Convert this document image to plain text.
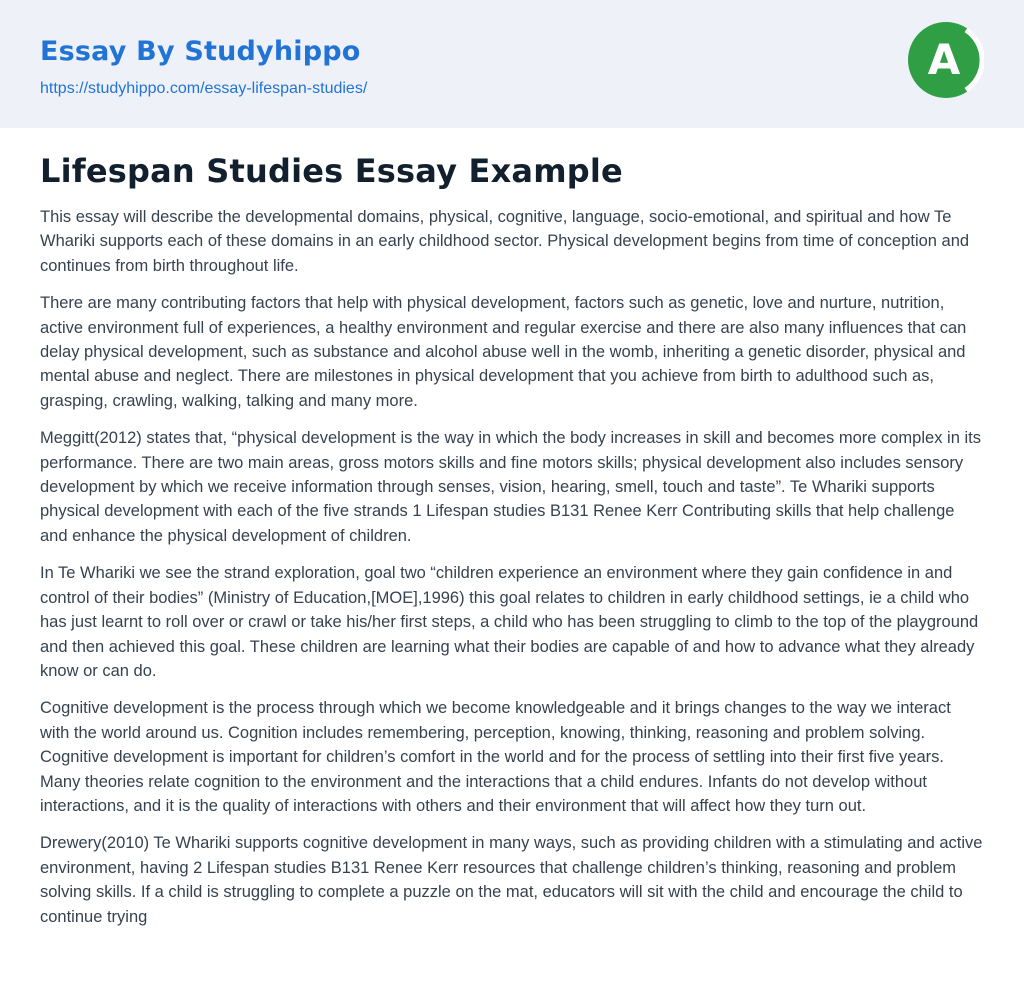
Essay By Studyhippo
https://studyhippo.com/essay-lifespan-studies/
A
Lifespan Studies Essay Example

This essay will describe the developmental domains, physical, cognitive, language, socio-emotional, and spiritual and how Te Whariki supports each of these domains in an early childhood sector. Physical development begins from time of conception and continues from birth throughout life.

There are many contributing factors that help with physical development, factors such as genetic, love and nurture, nutrition, active environment full of experiences, a healthy environment and regular exercise and there are also many influences that can delay physical development, such as substance and alcohol abuse well in the womb, inheriting a genetic disorder, physical and mental abuse and neglect. There are milestones in physical development that you achieve from birth to adulthood such as, grasping, crawling, walking, talking and many more.

Meggitt(2012) states that, “physical development is the way in which the body increases in skill and becomes more complex in its performance. There are two main areas, gross motors skills and fine motors skills; physical development also includes sensory development by which we receive information through senses, vision, hearing, smell, touch and taste”. Te Whariki supports physical development with each of the five strands 1 Lifespan studies B131 Renee Kerr Contributing skills that help challenge and enhance the physical development of children.

In Te Whariki we see the strand exploration, goal two “children experience an environment where they gain confidence in and control of their bodies” (Ministry of Education,[MOE],1996) this goal relates to children in early childhood settings, ie a child who has just learnt to roll over or crawl or take his/her first steps, a child who has been struggling to climb to the top of the playground and then achieved this goal. These children are learning what their bodies are capable of and how to advance what they already know or can do.

Cognitive development is the process through which we become knowledgeable and it brings changes to the way we interact with the world around us. Cognition includes remembering, perception, knowing, thinking, reasoning and problem solving. Cognitive development is important for children’s comfort in the world and for the process of settling into their first five years. Many theories relate cognition to the environment and the interactions that a child endures. Infants do not develop without interactions, and it is the quality of interactions with others and their environment that will affect how they turn out.

Drewery(2010) Te Whariki supports cognitive development in many ways, such as providing children with a stimulating and active environment, having 2 Lifespan studies B131 Renee Kerr resources that challenge children’s thinking, reasoning and problem solving skills. If a child is struggling to complete a puzzle on the mat, educators will sit with the child and encourage the child to continue trying
